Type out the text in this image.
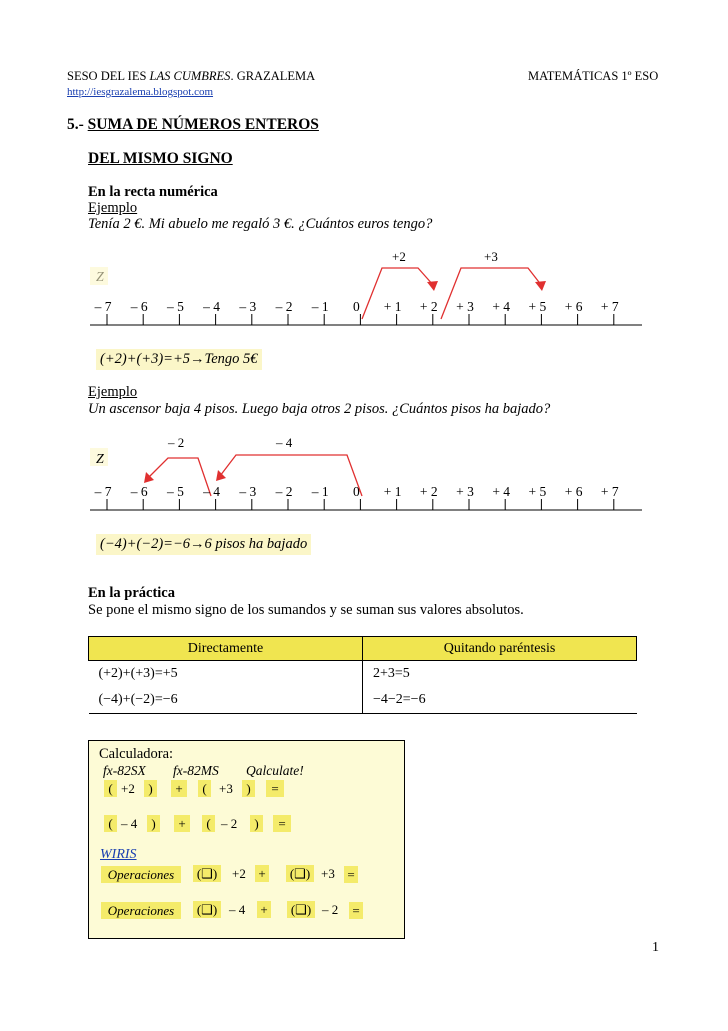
SESO DEL IES LAS CUMBRES. GRAZALEMA
http://iesgrazalema.blogspot.com
MATEMÁTICAS 1º ESO
5.- SUMA DE NÚMEROS ENTEROS
DEL MISMO SIGNO
En la recta numérica
Ejemplo
Tenía 2 €. Mi abuelo me regaló 3 €. ¿Cuántos euros tengo?
+2	+3
– 7 – 6 – 5 – 4 – 3 – 2 – 1 0 + 1 + 2 + 3 + 4 + 5 + 6 + 7
(+2)+(+3)=+5→Tengo 5€
Ejemplo
Un ascensor baja 4 pisos. Luego baja otros 2 pisos. ¿Cuántos pisos ha bajado?
– 2	– 4
Z
– 7 – 6 – 5 – 4 – 3 – 2 – 1 0 + 1 + 2 + 3 + 4 + 5 + 6 + 7
(−4)+(−2)=−6→6 pisos ha bajado
En la práctica
Se pone el mismo signo de los sumandos y se suman sus valores absolutos.
Directamente	Quitando paréntesis
(+2)+(+3)=+5	2+3=5
(−4)+(−2)=−6	−4−2=−6
Calculadora:
fx-82SX fx-82MS Qalculate!
( +2	)	+	( +3	)	=
( – 4	)	+	( – 2	)	=
WIRIS
Operaciones	(❑) +2 + (❑) +3 =
Operaciones	(❑) – 4 + (❑) – 2 =
1
